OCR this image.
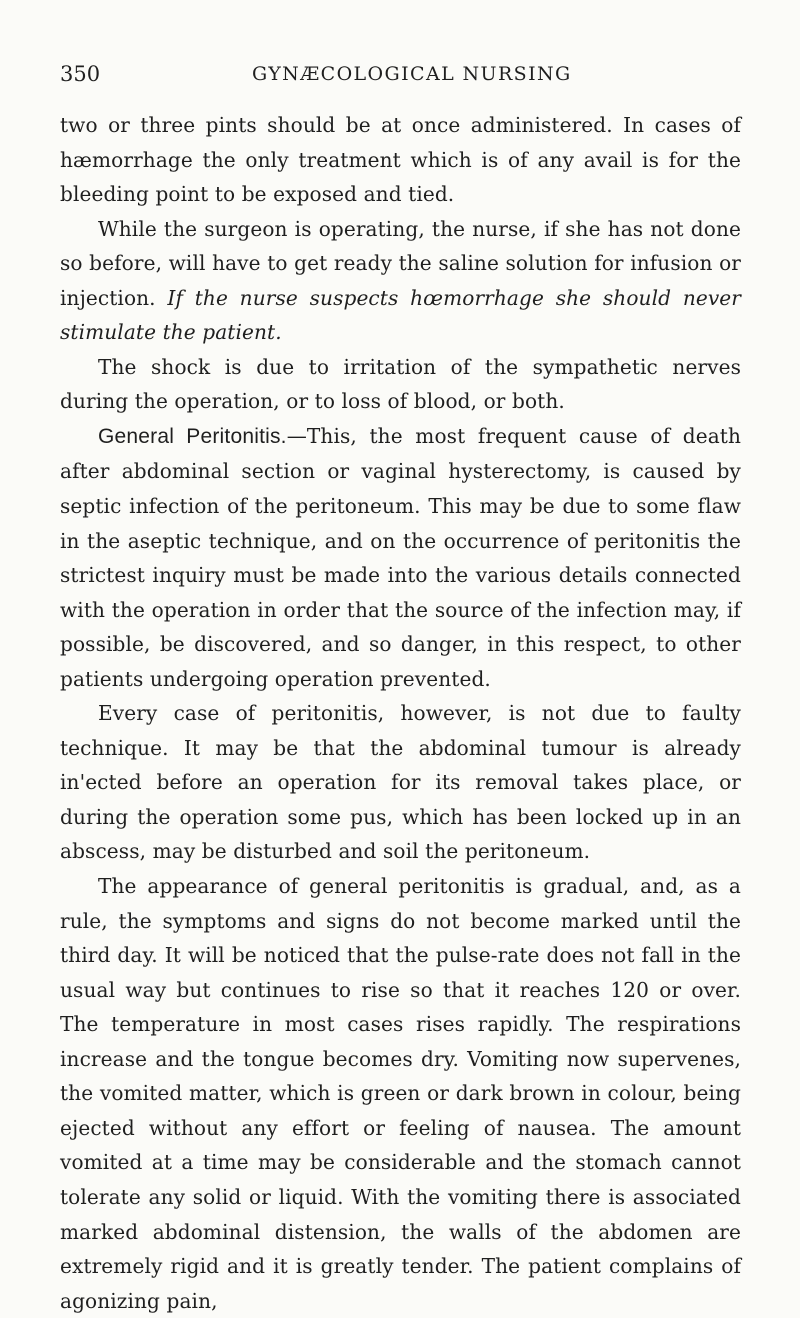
350	GYNÆCOLOGICAL NURSING

two or three pints should be at once administered. In cases of hæmorrhage the only treatment which is of any avail is for the bleeding point to be exposed and tied.

While the surgeon is operating, the nurse, if she has not done so before, will have to get ready the saline solution for infusion or injection. If the nurse suspects hœmorrhage she should never stimulate the patient.

The shock is due to irritation of the sympathetic nerves during the operation, or to loss of blood, or both.

General Peritonitis.—This, the most frequent cause of death after abdominal section or vaginal hysterectomy, is caused by septic infection of the peritoneum. This may be due to some flaw in the aseptic technique, and on the occurrence of peritonitis the strictest inquiry must be made into the various details connected with the operation in order that the source of the infection may, if possible, be discovered, and so danger, in this respect, to other patients undergoing operation prevented.

Every case of peritonitis, however, is not due to faulty technique. It may be that the abdominal tumour is already in'ected before an operation for its removal takes place, or during the operation some pus, which has been locked up in an abscess, may be disturbed and soil the peritoneum.

The appearance of general peritonitis is gradual, and, as a rule, the symptoms and signs do not become marked until the third day. It will be noticed that the pulse-rate does not fall in the usual way but continues to rise so that it reaches 120 or over. The temperature in most cases rises rapidly. The respirations increase and the tongue becomes dry. Vomiting now supervenes, the vomited matter, which is green or dark brown in colour, being ejected without any effort or feeling of nausea. The amount vomited at a time may be considerable and the stomach cannot tolerate any solid or liquid. With the vomiting there is associated marked abdominal distension, the walls of the abdomen are extremely rigid and it is greatly tender. The patient complains of agonizing pain,
